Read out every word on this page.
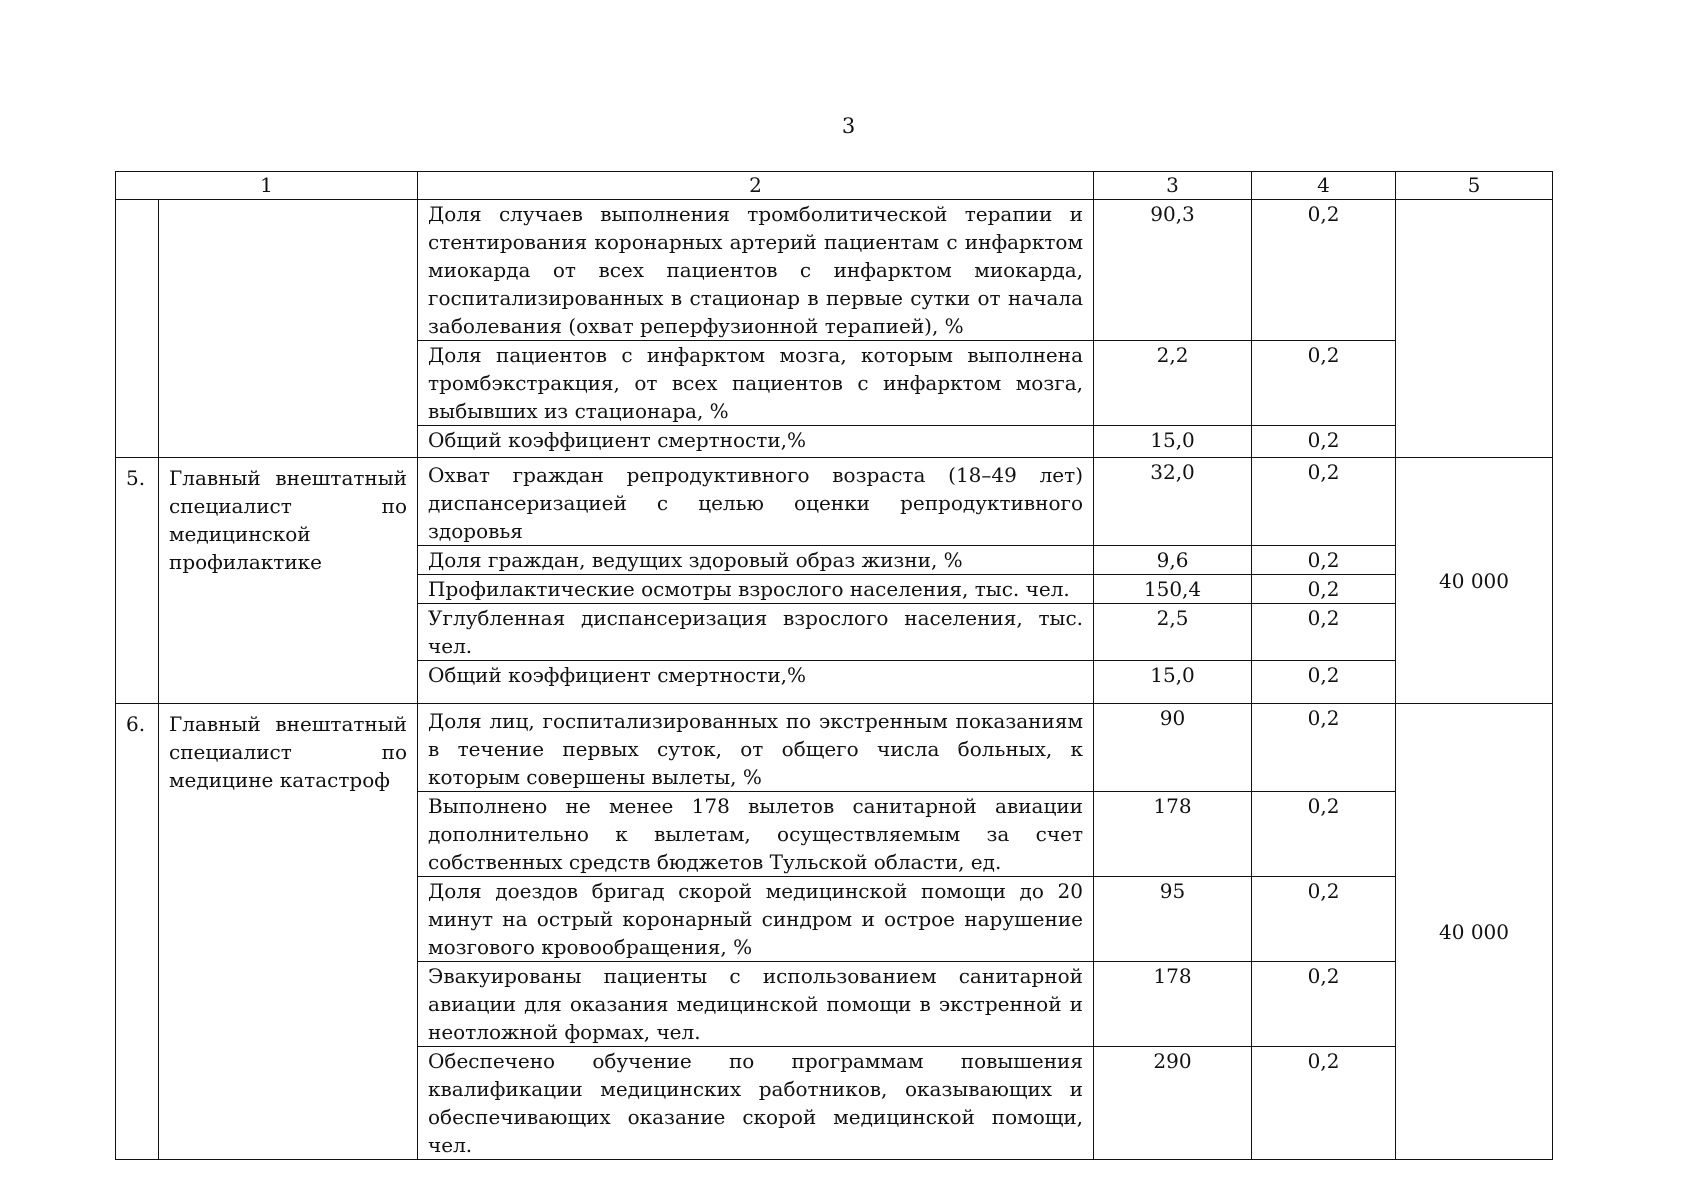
3
1		2	3	4	5
		Доля случаев выполнения тромболитической терапии и стентирования коронарных артерий пациентам с инфарктом миокарда от всех пациентов с инфарктом миокарда, госпитализированных в стационар в первые сутки от начала заболевания (охват реперфузионной терапией), %	90,3	0,2	
		Доля пациентов с инфарктом мозга, которым выполнена тромбэкстракция, от всех пациентов с инфарктом мозга, выбывших из стационара, %	2,2	0,2	
		Общий коэффициент смертности,%	15,0	0,2	
5.	Главный внештатный специалист по медицинской профилактике	Охват граждан репродуктивного возраста (18–49 лет) диспансеризацией с целью оценки репродуктивного здоровья	32,0	0,2	40 000
		Доля граждан, ведущих здоровый образ жизни, %	9,6	0,2	
		Профилактические осмотры взрослого населения, тыс. чел.	150,4	0,2	
		Углубленная диспансеризация взрослого населения, тыс. чел.	2,5	0,2	
		Общий коэффициент смертности,%	15,0	0,2	
6.	Главный внештатный специалист по медицине катастроф	Доля лиц, госпитализированных по экстренным показаниям в течение первых суток, от общего числа больных, к которым совершены вылеты, %	90	0,2	40 000
		Выполнено не менее 178 вылетов санитарной авиации дополнительно к вылетам, осуществляемым за счет собственных средств бюджетов Тульской области, ед.	178	0,2	
		Доля доездов бригад скорой медицинской помощи до 20 минут на острый коронарный синдром и острое нарушение мозгового кровообращения, %	95	0,2	
		Эвакуированы пациенты с использованием санитарной авиации для оказания медицинской помощи в экстренной и неотложной формах, чел.	178	0,2	
		Обеспечено обучение по программам повышения квалификации медицинских работников, оказывающих и обеспечивающих оказание скорой медицинской помощи, чел.	290	0,2	
